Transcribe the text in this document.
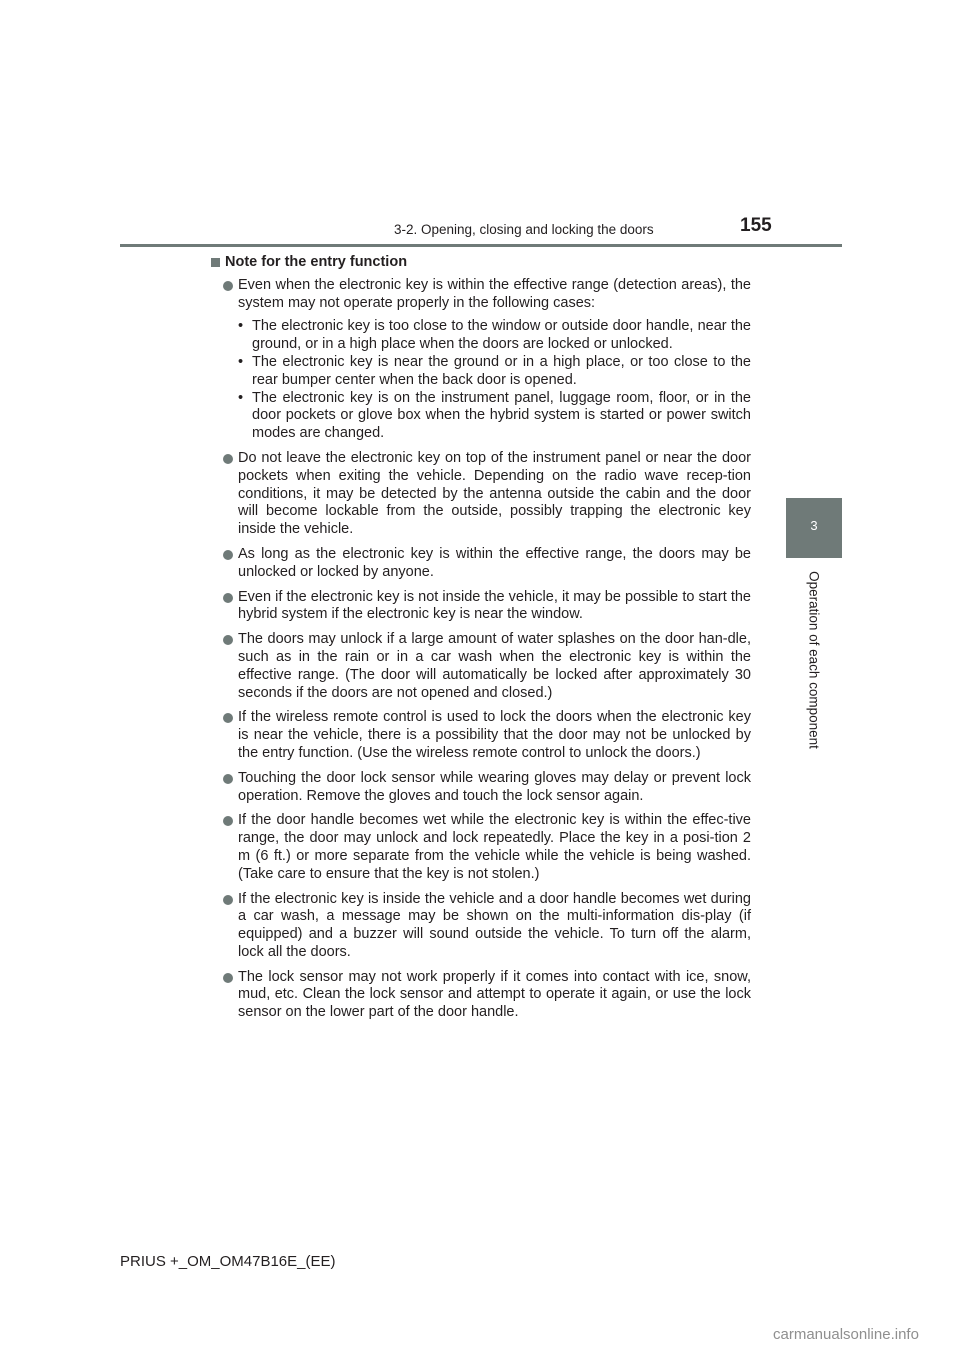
3-2. Opening, closing and locking the doors	155
3
Operation of each component
Note for the entry function
Even when the electronic key is within the effective range (detection areas), the system may not operate properly in the following cases:
• The electronic key is too close to the window or outside door handle, near the ground, or in a high place when the doors are locked or unlocked.
• The electronic key is near the ground or in a high place, or too close to the rear bumper center when the back door is opened.
• The electronic key is on the instrument panel, luggage room, floor, or in the door pockets or glove box when the hybrid system is started or power switch modes are changed.
Do not leave the electronic key on top of the instrument panel or near the door pockets when exiting the vehicle. Depending on the radio wave recep-tion conditions, it may be detected by the antenna outside the cabin and the door will become lockable from the outside, possibly trapping the electronic key inside the vehicle.
As long as the electronic key is within the effective range, the doors may be unlocked or locked by anyone.
Even if the electronic key is not inside the vehicle, it may be possible to start the hybrid system if the electronic key is near the window.
The doors may unlock if a large amount of water splashes on the door han-dle, such as in the rain or in a car wash when the electronic key is within the effective range. (The door will automatically be locked after approximately 30 seconds if the doors are not opened and closed.)
If the wireless remote control is used to lock the doors when the electronic key is near the vehicle, there is a possibility that the door may not be unlocked by the entry function. (Use the wireless remote control to unlock the doors.)
Touching the door lock sensor while wearing gloves may delay or prevent lock operation. Remove the gloves and touch the lock sensor again.
If the door handle becomes wet while the electronic key is within the effec-tive range, the door may unlock and lock repeatedly. Place the key in a posi-tion 2 m (6 ft.) or more separate from the vehicle while the vehicle is being washed. (Take care to ensure that the key is not stolen.)
If the electronic key is inside the vehicle and a door handle becomes wet during a car wash, a message may be shown on the multi-information dis-play (if equipped) and a buzzer will sound outside the vehicle. To turn off the alarm, lock all the doors.
The lock sensor may not work properly if it comes into contact with ice, snow, mud, etc. Clean the lock sensor and attempt to operate it again, or use the lock sensor on the lower part of the door handle.
PRIUS +_OM_OM47B16E_(EE)
carmanualsonline.info
